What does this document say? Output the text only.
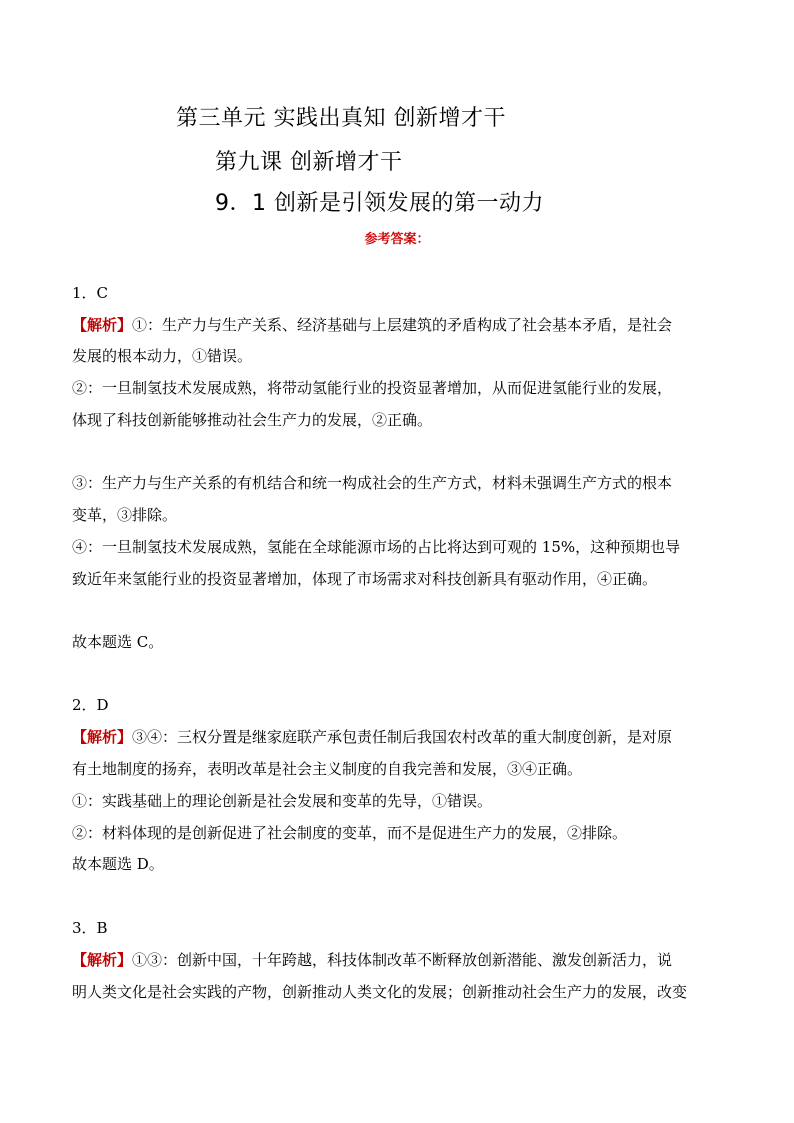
第三单元 实践出真知 创新增才干
第九课 创新增才干
9．1 创新是引领发展的第一动力
参考答案：
1．C
【解析】①：生产力与生产关系、经济基础与上层建筑的矛盾构成了社会基本矛盾，是社会
发展的根本动力，①错误。
②：一旦制氢技术发展成熟，将带动氢能行业的投资显著增加，从而促进氢能行业的发展，
体现了科技创新能够推动社会生产力的发展，②正确。
③：生产力与生产关系的有机结合和统一构成社会的生产方式，材料未强调生产方式的根本
变革，③排除。
④：一旦制氢技术发展成熟，氢能在全球能源市场的占比将达到可观的 15%，这种预期也导
致近年来氢能行业的投资显著增加，体现了市场需求对科技创新具有驱动作用，④正确。
故本题选 C。
2．D
【解析】③④：三权分置是继家庭联产承包责任制后我国农村改革的重大制度创新，是对原
有土地制度的扬弃，表明改革是社会主义制度的自我完善和发展，③④正确。
①：实践基础上的理论创新是社会发展和变革的先导，①错误。
②：材料体现的是创新促进了社会制度的变革，而不是促进生产力的发展，②排除。
故本题选 D。
3．B
【解析】①③：创新中国，十年跨越，科技体制改革不断释放创新潜能、激发创新活力，说
明人类文化是社会实践的产物，创新推动人类文化的发展；创新推动社会生产力的发展，改变
